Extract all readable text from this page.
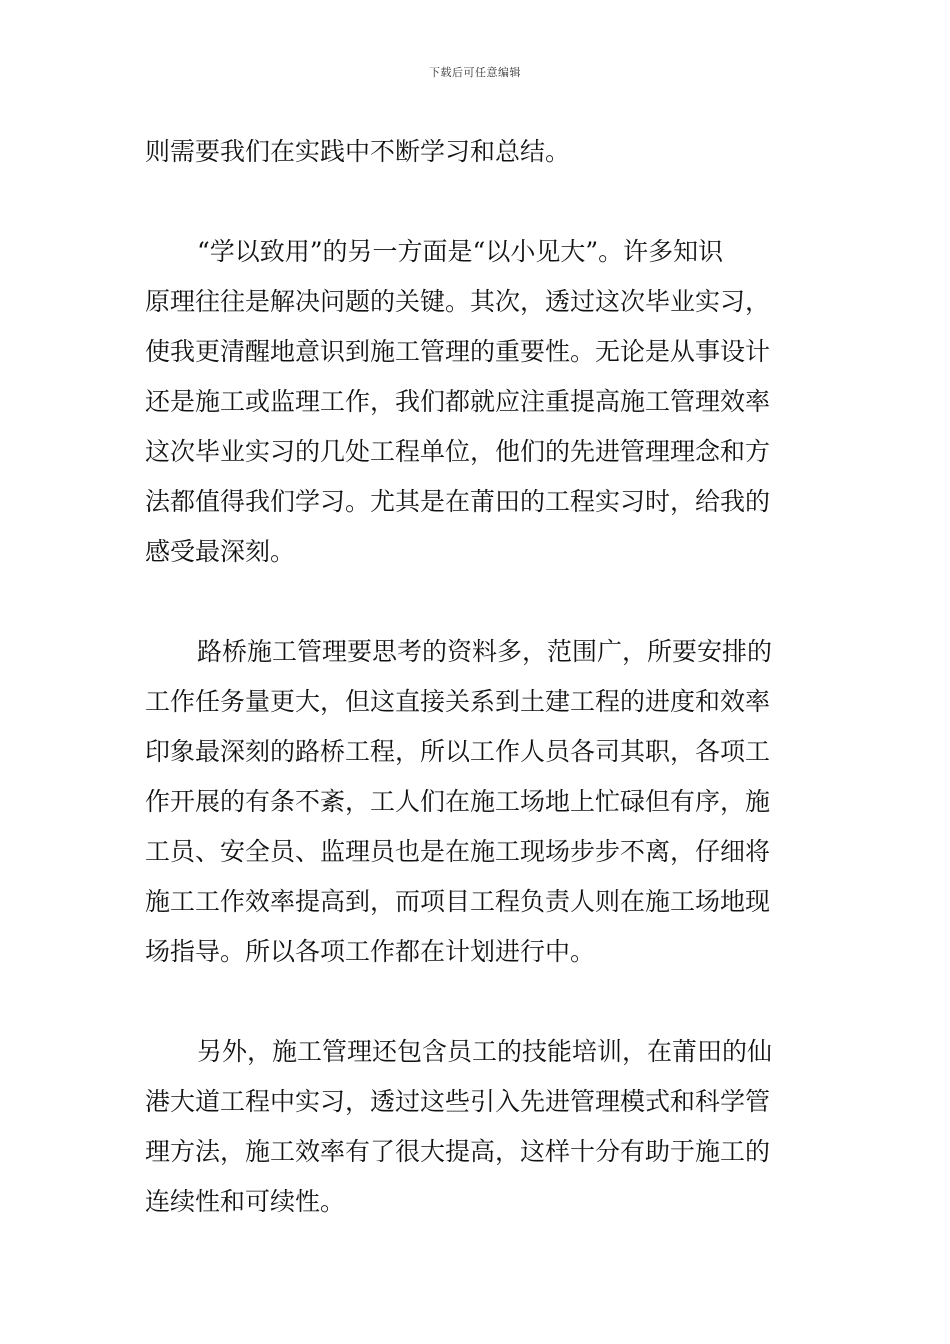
下载后可任意编辑
则需要我们在实践中不断学习和总结。
“学以致用”的另一方面是“以小见大”。许多知识
原理往往是解决问题的关键。其次，透过这次毕业实习，
使我更清醒地意识到施工管理的重要性。无论是从事设计
还是施工或监理工作，我们都就应注重提高施工管理效率
这次毕业实习的几处工程单位，他们的先进管理理念和方
法都值得我们学习。尤其是在莆田的工程实习时，给我的
感受最深刻。
路桥施工管理要思考的资料多，范围广，所要安排的
工作任务量更大，但这直接关系到土建工程的进度和效率
印象最深刻的路桥工程，所以工作人员各司其职，各项工
作开展的有条不紊，工人们在施工场地上忙碌但有序，施
工员、安全员、监理员也是在施工现场步步不离，仔细将
施工工作效率提高到，而项目工程负责人则在施工场地现
场指导。所以各项工作都在计划进行中。
另外，施工管理还包含员工的技能培训，在莆田的仙
港大道工程中实习，透过这些引入先进管理模式和科学管
理方法，施工效率有了很大提高，这样十分有助于施工的
连续性和可续性。
